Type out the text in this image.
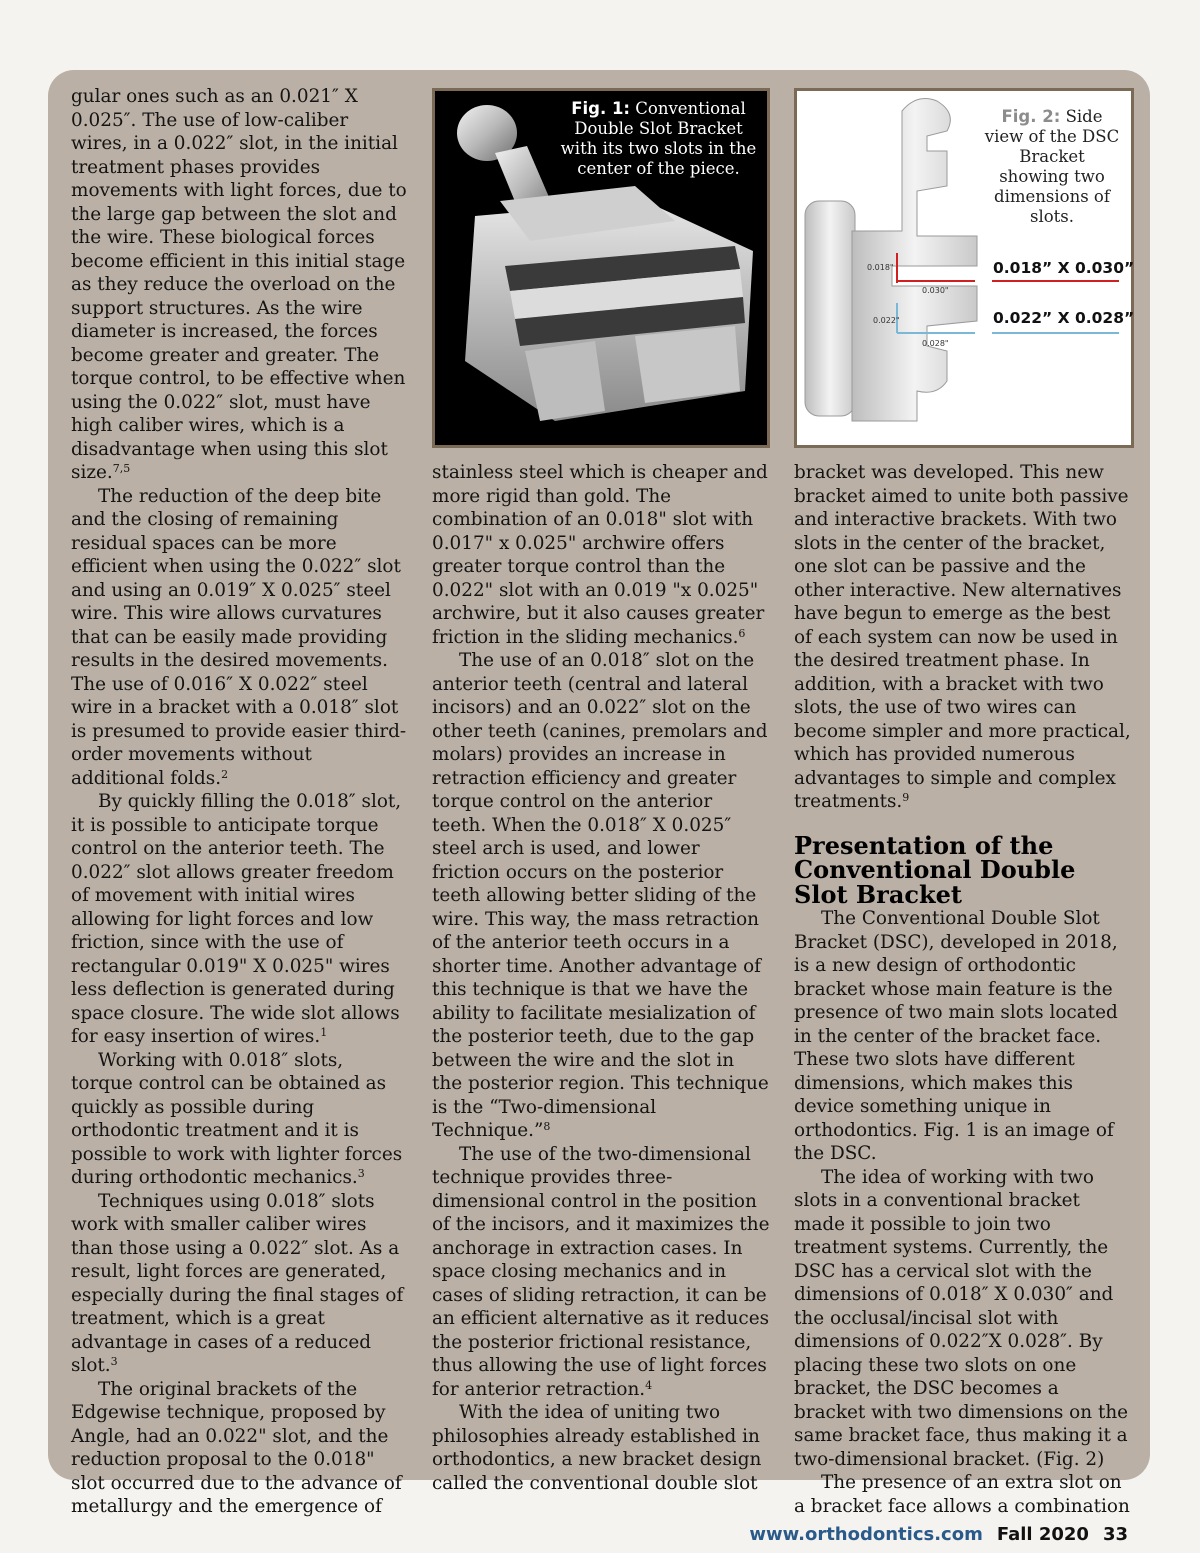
gular ones such as an 0.021″ X 0.025″. The use of low-caliber wires, in a 0.022″ slot, in the initial treatment phases provides movements with light forces, due to the large gap between the slot and the wire. These biological forces become efficient in this initial stage as they reduce the overload on the support structures. As the wire diameter is increased, the forces become greater and greater. The torque control, to be effective when using the 0.022″ slot, must have high caliber wires, which is a disadvantage when using this slot size.$^{7,5}$

The reduction of the deep bite and the closing of remaining residual spaces can be more efficient when using the 0.022″ slot and using an 0.019″ X 0.025″ steel wire. This wire allows curvatures that can be easily made providing results in the desired movements. The use of 0.016″ X 0.022″ steel wire in a bracket with a 0.018″ slot is presumed to provide easier third-order movements without additional folds.$^2$

By quickly filling the 0.018″ slot, it is possible to anticipate torque control on the anterior teeth. The 0.022″ slot allows greater freedom of movement with initial wires allowing for light forces and low friction, since with the use of rectangular 0.019" X 0.025" wires less deflection is generated during space closure. The wide slot allows for easy insertion of wires.$^1$

Working with 0.018″ slots, torque control can be obtained as quickly as possible during orthodontic treatment and it is possible to work with lighter forces during orthodontic mechanics.$^3$

Techniques using 0.018″ slots work with smaller caliber wires than those using a 0.022″ slot. As a result, light forces are generated, especially during the final stages of treatment, which is a great advantage in cases of a reduced slot.$^3$

The original brackets of the Edgewise technique, proposed by Angle, had an 0.022" slot, and the reduction proposal to the 0.018" slot occurred due to the advance of metallurgy and the emergence of

Fig. 1: Conventional Double Slot Bracket with its two slots in the center of the piece.
Fig. 2: Side view of the DSC Bracket showing two dimensions of slots.
0.018” X 0.030”
0.022” X 0.028”
0.018"
0.030"
0.022"
0.028"

stainless steel which is cheaper and more rigid than gold. The combination of an 0.018" slot with 0.017" x 0.025" archwire offers greater torque control than the 0.022" slot with an 0.019 "x 0.025" archwire, but it also causes greater friction in the sliding mechanics.$^6$

The use of an 0.018″ slot on the anterior teeth (central and lateral incisors) and an 0.022″ slot on the other teeth (canines, premolars and molars) provides an increase in retraction efficiency and greater torque control on the anterior teeth. When the 0.018″ X 0.025″ steel arch is used, and lower friction occurs on the posterior teeth allowing better sliding of the wire. This way, the mass retraction of the anterior teeth occurs in a shorter time. Another advantage of this technique is that we have the ability to facilitate mesialization of the posterior teeth, due to the gap between the wire and the slot in the posterior region. This technique is the “Two-dimensional Technique.”$^8$

The use of the two-dimensional technique provides three-dimensional control in the position of the incisors, and it maximizes the anchorage in extraction cases. In space closing mechanics and in cases of sliding retraction, it can be an efficient alternative as it reduces the posterior frictional resistance, thus allowing the use of light forces for anterior retraction.$^4$

With the idea of uniting two philosophies already established in orthodontics, a new bracket design called the conventional double slot

bracket was developed. This new bracket aimed to unite both passive and interactive brackets. With two slots in the center of the bracket, one slot can be passive and the other interactive. New alternatives have begun to emerge as the best of each system can now be used in the desired treatment phase. In addition, with a bracket with two slots, the use of two wires can become simpler and more practical, which has provided numerous advantages to simple and complex treatments.$^9$

Presentation of the Conventional Double Slot Bracket

The Conventional Double Slot Bracket (DSC), developed in 2018, is a new design of orthodontic bracket whose main feature is the presence of two main slots located in the center of the bracket face. These two slots have different dimensions, which makes this device something unique in orthodontics. Fig. 1 is an image of the DSC.

The idea of working with two slots in a conventional bracket made it possible to join two treatment systems. Currently, the DSC has a cervical slot with the dimensions of 0.018″ X 0.030″ and the occlusal/incisal slot with dimensions of 0.022″X 0.028″. By placing these two slots on one bracket, the DSC becomes a bracket with two dimensions on the same bracket face, thus making it a two-dimensional bracket. (Fig. 2)

The presence of an extra slot on a bracket face allows a combination

www.orthodontics.com Fall 2020 33
